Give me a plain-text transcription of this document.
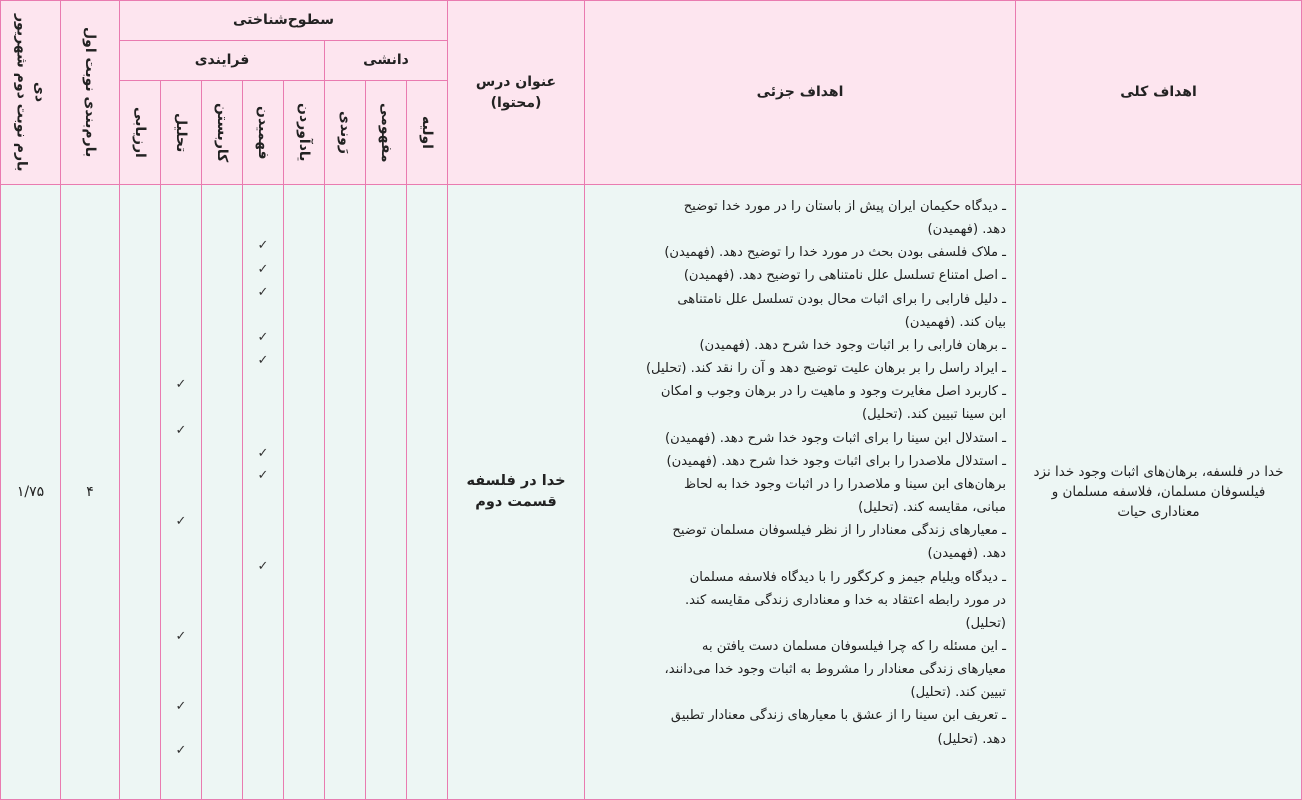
اهداف کلی
اهداف جزئی
عنوان درس
(محتوا)
سطوح‌شناختی
دانشی
فرایندی
اولیه
مفهومی
رَوندی
یادآوردن
فهمیدن
کاربستن
تحلیل
ارزیابی
بارم‌بندی نوبت اول
بارم نوبت دوم شهریور دی
خدا در فلسفه، برهان‌های اثبات وجود خدا نزد فیلسوفان مسلمان، فلاسفه مسلمان و معناداری حیات
ـ دیدگاه حکیمان ایران پیش از باستان را در مورد خدا توضیح
دهد. (فهمیدن)
ـ ملاک فلسفی بودن بحث در مورد خدا را توضیح دهد. (فهمیدن)
ـ اصل امتناع تسلسل علل نامتناهی را توضیح دهد. (فهمیدن)
ـ دلیل فارابی را برای اثبات محال بودن تسلسل علل نامتناهی
بیان کند. (فهمیدن)
ـ برهان فارابی را بر اثبات وجود خدا شرح دهد. (فهمیدن)
ـ ایراد راسل را بر برهان علیت توضیح دهد و آن را نقد کند. (تحلیل)
ـ کاربرد اصل مغایرت وجود و ماهیت را در برهان وجوب و امکان
ابن سینا تبیین کند. (تحلیل)
ـ استدلال ابن سینا را برای اثبات وجود خدا شرح دهد. (فهمیدن)
ـ استدلال ملاصدرا را برای اثبات وجود خدا شرح دهد. (فهمیدن)
برهان‌های ابن سینا و ملاصدرا را در اثبات وجود خدا به لحاظ
مبانی، مقایسه کند. (تحلیل)
ـ معیارهای زندگی معنادار را از نظر فیلسوفان مسلمان توضیح
دهد. (فهمیدن)
ـ دیدگاه ویلیام جیمز و کرکگور را با دیدگاه فلاسفه مسلمان
در مورد رابطه اعتقاد به خدا و معناداری زندگی مقایسه کند.
(تحلیل)
ـ این مسئله را که چرا فیلسوفان مسلمان دست یافتن به
معیارهای زندگی معنادار را مشروط به اثبات وجود خدا می‌دانند،
تبیین کند. (تحلیل)
ـ تعریف ابن سینا را از عشق با معیارهای زندگی معنادار تطبیق
دهد. (تحلیل)
خدا در فلسفه
قسمت دوم
۴
۱/۷۵
✓
✓
✓
✓
✓
✓
✓
✓
✓
✓
✓
✓
✓
✓
